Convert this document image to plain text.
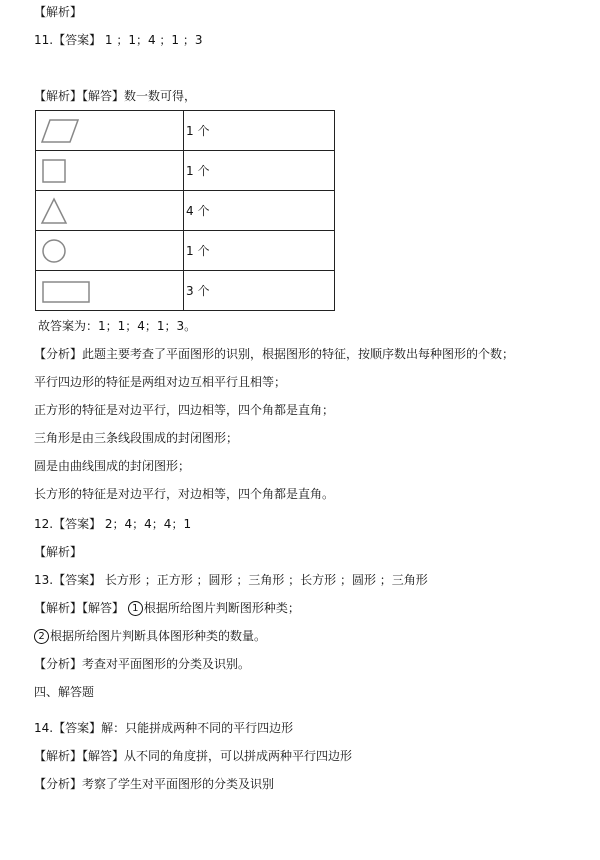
【解析】
11.【答案】 1 ；1；4 ；1 ；3
【解析】【解答】数一数可得，
	1 个

	1 个

	4 个

	1 个

	3 个
故答案为：1；1；4；1；3。
【分析】此题主要考查了平面图形的识别，根据图形的特征，按顺序数出每种图形的个数；
平行四边形的特征是两组对边互相平行且相等；
正方形的特征是对边平行，四边相等，四个角都是直角；
三角形是由三条线段围成的封闭图形；
圆是由曲线围成的封闭图形；
长方形的特征是对边平行，对边相等，四个角都是直角。
12.【答案】 2；4；4；4；1
【解析】
13.【答案】 长方形 ；正方形 ；圆形 ；三角形 ；长方形 ；圆形 ；三角形
【解析】【解答】 1 根据所给图片判断图形种类；
2 根据所给图片判断具体图形种类的数量。
【分析】考查对平面图形的分类及识别。
四、解答题
14.【答案】解：只能拼成两种不同的平行四边形
【解析】【解答】从不同的角度拼，可以拼成两种平行四边形
【分析】考察了学生对平面图形的分类及识别
